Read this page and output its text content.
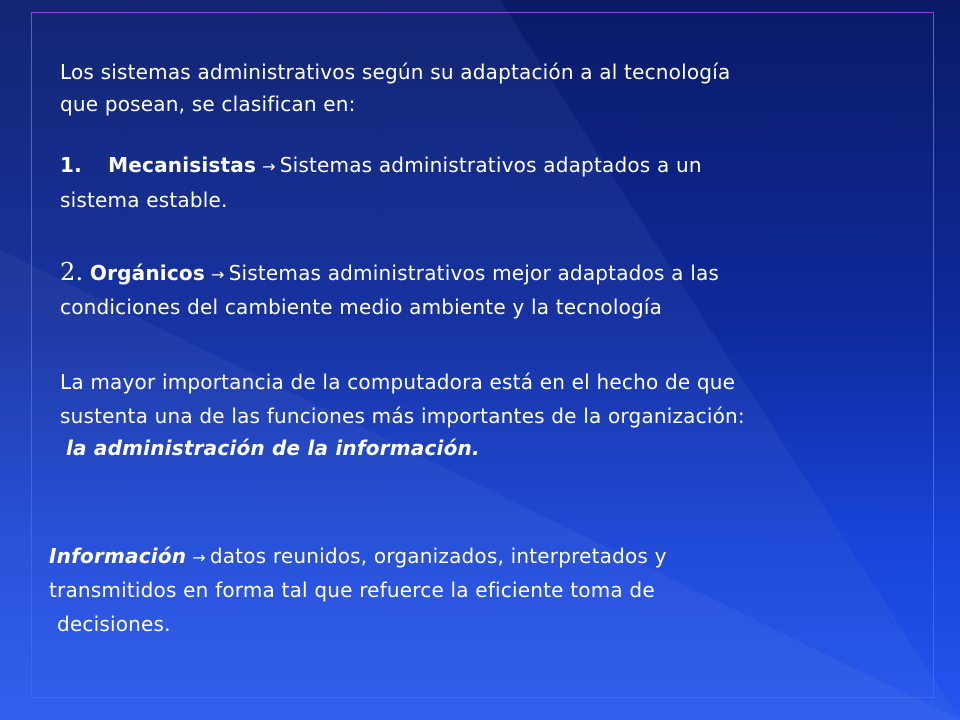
Los sistemas administrativos según su adaptación a al tecnología
que posean, se clasifican en:
1. Mecanisistas → Sistemas administrativos adaptados a un
sistema estable.
2. Orgánicos → Sistemas administrativos mejor adaptados a las
condiciones del cambiente medio ambiente y la tecnología
La mayor importancia de la computadora está en el hecho de que
sustenta una de las funciones más importantes de la organización:
la administración de la información.
Información → datos reunidos, organizados, interpretados y
transmitidos en forma tal que refuerce la eficiente toma de
decisiones.
